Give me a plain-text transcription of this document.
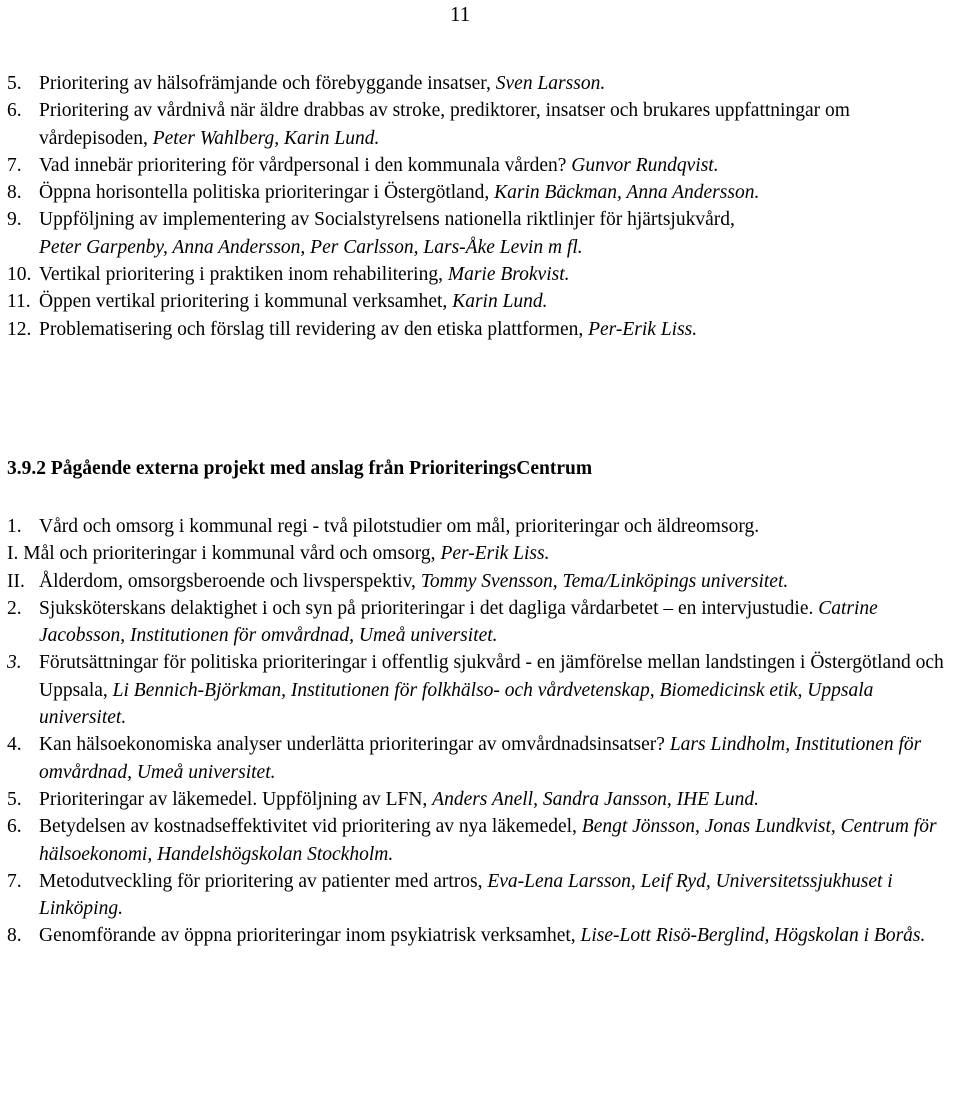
11
5. Prioritering av hälsofrämjande och förebyggande insatser, Sven Larsson.
6. Prioritering av vårdnivå när äldre drabbas av stroke, prediktorer, insatser och brukares uppfattningar om vårdepisoden, Peter Wahlberg, Karin Lund.
7. Vad innebär prioritering för vårdpersonal i den kommunala vården? Gunvor Rundqvist.
8. Öppna horisontella politiska prioriteringar i Östergötland, Karin Bäckman, Anna Andersson.
9. Uppföljning av implementering av Socialstyrelsens nationella riktlinjer för hjärtsjukvård,
Peter Garpenby, Anna Andersson, Per Carlsson, Lars-Åke Levin m fl.
10. Vertikal prioritering i praktiken inom rehabilitering, Marie Brokvist.
11. Öppen vertikal prioritering i kommunal verksamhet, Karin Lund.
12. Problematisering och förslag till revidering av den etiska plattformen, Per-Erik Liss.
3.9.2 Pågående externa projekt med anslag från PrioriteringsCentrum
1. Vård och omsorg i kommunal regi - två pilotstudier om mål, prioriteringar och äldreomsorg.
I. Mål och prioriteringar i kommunal vård och omsorg, Per-Erik Liss.
II. Ålderdom, omsorgsberoende och livsperspektiv, Tommy Svensson, Tema/Linköpings universitet.
2. Sjuksköterskans delaktighet i och syn på prioriteringar i det dagliga vårdarbetet – en intervjustudie. Catrine Jacobsson, Institutionen för omvårdnad, Umeå universitet.
3. Förutsättningar för politiska prioriteringar i offentlig sjukvård - en jämförelse mellan landstingen i Östergötland och Uppsala, Li Bennich-Björkman, Institutionen för folkhälso- och vårdvetenskap, Biomedicinsk etik, Uppsala universitet.
4. Kan hälsoekonomiska analyser underlätta prioriteringar av omvårdnadsinsatser? Lars Lindholm, Institutionen för omvårdnad, Umeå universitet.
5. Prioriteringar av läkemedel. Uppföljning av LFN, Anders Anell, Sandra Jansson, IHE Lund.
6. Betydelsen av kostnadseffektivitet vid prioritering av nya läkemedel, Bengt Jönsson, Jonas Lundkvist, Centrum för hälsoekonomi, Handelshögskolan Stockholm.
7. Metodutveckling för prioritering av patienter med artros, Eva-Lena Larsson, Leif Ryd, Universitetssjukhuset i Linköping.
8. Genomförande av öppna prioriteringar inom psykiatrisk verksamhet, Lise-Lott Risö-Berglind, Högskolan i Borås.
